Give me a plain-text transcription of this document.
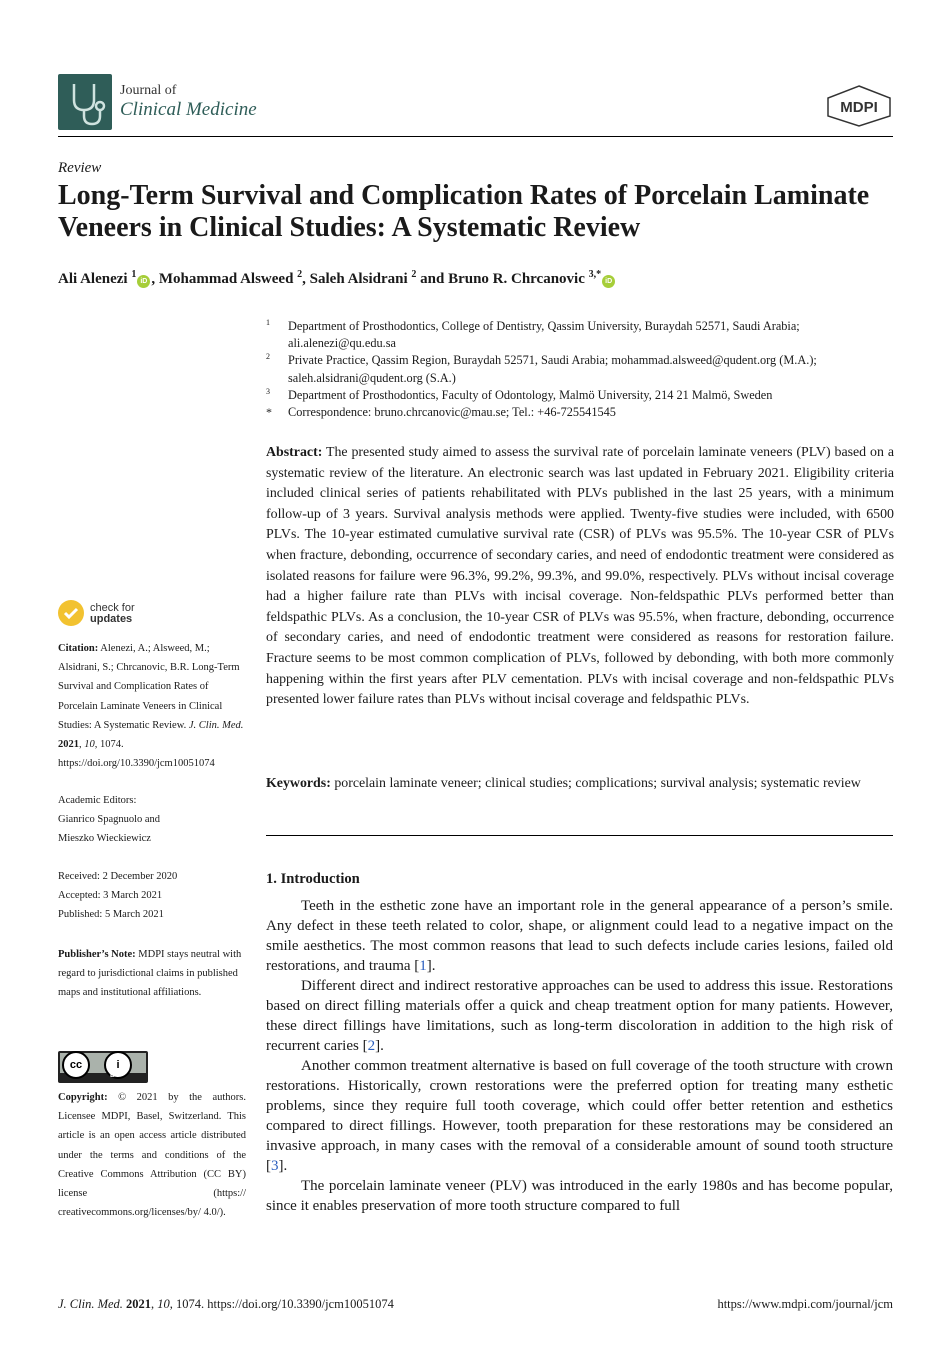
Journal of
Clinical Medicine	MDPI
Review
Long-Term Survival and Complication Rates of Porcelain Laminate Veneers in Clinical Studies: A Systematic Review
Ali Alenezi $^1$iD , Mohammad Alsweed $^2$, Saleh Alsidrani $^2$ and Bruno R. Chrcanovic $^{3,*}$iD
1 Department of Prosthodontics, College of Dentistry, Qassim University, Buraydah 52571, Saudi Arabia;
ali.alenezi@qu.edu.sa
2 Private Practice, Qassim Region, Buraydah 52571, Saudi Arabia; mohammad.alsweed@qudent.org (M.A.);
saleh.alsidrani@qudent.org (S.A.)
3 Department of Prosthodontics, Faculty of Odontology, Malmö University, 214 21 Malmö, Sweden
* Correspondence: bruno.chrcanovic@mau.se; Tel.: +46-725541545
Abstract: The presented study aimed to assess the survival rate of porcelain laminate veneers (PLV) based on a systematic review of the literature. An electronic search was last updated in February 2021. Eligibility criteria included clinical series of patients rehabilitated with PLVs published in the last 25 years, with a minimum follow-up of 3 years. Survival analysis methods were applied. Twenty-five studies were included, with 6500 PLVs. The 10-year estimated cumulative survival rate (CSR) of PLVs was 95.5%. The 10-year CSR of PLVs when fracture, debonding, occurrence of secondary caries, and need of endodontic treatment were considered as isolated reasons for failure were 96.3%, 99.2%, 99.3%, and 99.0%, respectively. PLVs without incisal coverage had a higher failure rate than PLVs with incisal coverage. Non-feldspathic PLVs performed better than feldspathic PLVs. As a conclusion, the 10-year CSR of PLVs was 95.5%, when fracture, debonding, occurrence of secondary caries, and need of endodontic treatment were considered as reasons for restoration failure. Fracture seems to be most common complication of PLVs, followed by debonding, with both more commonly happening within the first years after PLV cementation. PLVs with incisal coverage and non-feldspathic PLVs presented lower failure rates than PLVs without incisal coverage and feldspathic PLVs.
Keywords: porcelain laminate veneer; clinical studies; complications; survival analysis; systematic review
1. Introduction

Teeth in the esthetic zone have an important role in the general appearance of a person’s smile. Any defect in these teeth related to color, shape, or alignment could lead to a negative impact on the smile aesthetics. The most common reasons that lead to such defects include caries lesions, failed old restorations, and trauma [1].

Different direct and indirect restorative approaches can be used to address this issue. Restorations based on direct filling materials offer a quick and cheap treatment option for many patients. However, these direct fillings have limitations, such as long-term discoloration in addition to the high risk of recurrent caries [2].

Another common treatment alternative is based on full coverage of the tooth structure with crown restorations. Historically, crown restorations were the preferred option for treating many esthetic problems, since they require full tooth coverage, which could offer better retention and esthetics compared to direct fillings. However, tooth preparation for these restorations may be considered an invasive approach, in many cases with the removal of a considerable amount of sound tooth structure [3].

The porcelain laminate veneer (PLV) was introduced in the early 1980s and has become popular, since it enables preservation of more tooth structure compared to full

check for
updates
Citation: Alenezi, A.; Alsweed, M.; Alsidrani, S.; Chrcanovic, B.R. Long-Term Survival and Complication Rates of Porcelain Laminate Veneers in Clinical Studies: A Systematic Review. J. Clin. Med. 2021, 10, 1074.
https://doi.org/10.3390/jcm10051074
Academic Editors:
Gianrico Spagnuolo and
Mieszko Wieckiewicz
Received: 2 December 2020
Accepted: 3 March 2021
Published: 5 March 2021
Publisher’s Note: MDPI stays neutral with regard to jurisdictional claims in published maps and institutional affiliations.
cc	i
BY
Copyright: © 2021 by the authors. Licensee MDPI, Basel, Switzerland. This article is an open access article distributed under the terms and conditions of the Creative Commons Attribution (CC BY) license (https:// creativecommons.org/licenses/by/ 4.0/).
J. Clin. Med. 2021, 10, 1074. https://doi.org/10.3390/jcm10051074	https://www.mdpi.com/journal/jcm
